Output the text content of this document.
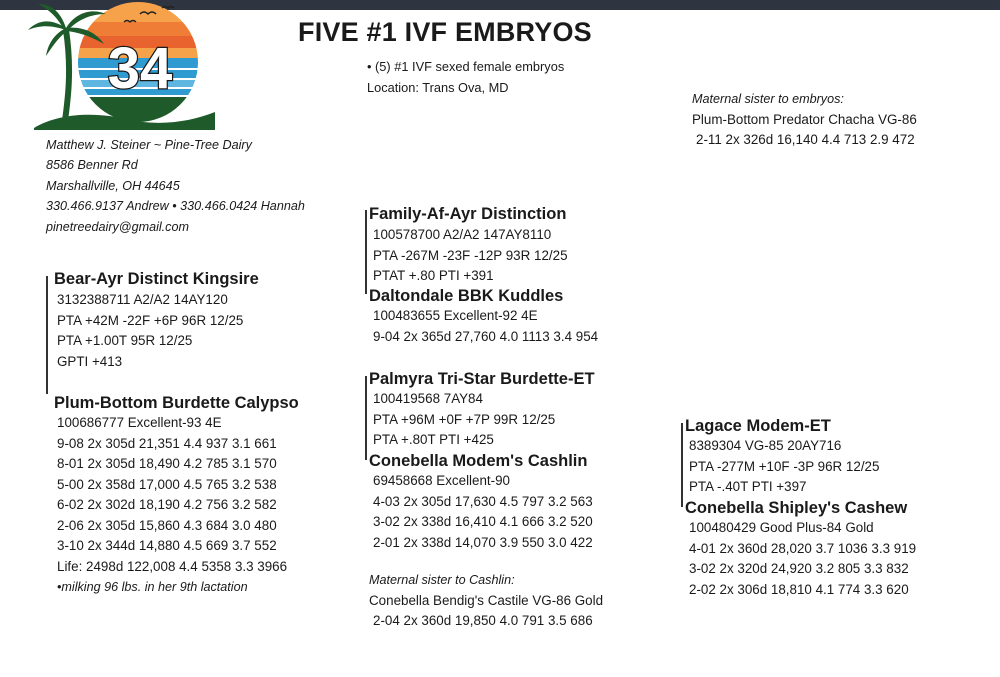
34
FIVE #1 IVF EMBRYOS
• (5) #1 IVF sexed female embryos
Location: Trans Ova, MD
Matthew J. Steiner ~ Pine-Tree Dairy
8586 Benner Rd
Marshallville, OH 44645
330.466.9137 Andrew • 330.466.0424 Hannah
pinetreedairy@gmail.com
Maternal sister to embryos:
Plum-Bottom Predator Chacha VG-86
2-11 2x 326d 16,140 4.4 713 2.9 472
Bear-Ayr Distinct Kingsire
3132388711 A2/A2 14AY120
PTA +42M -22F +6P 96R 12/25
PTA +1.00T 95R 12/25
GPTI +413
Plum-Bottom Burdette Calypso
100686777 Excellent-93 4E
9-08 2x 305d 21,351 4.4 937 3.1 661
8-01 2x 305d 18,490 4.2 785 3.1 570
5-00 2x 358d 17,000 4.5 765 3.2 538
6-02 2x 302d 18,190 4.2 756 3.2 582
2-06 2x 305d 15,860 4.3 684 3.0 480
3-10 2x 344d 14,880 4.5 669 3.7 552
Life: 2498d 122,008 4.4 5358 3.3 3966
•milking 96 lbs. in her 9th lactation
Family-Af-Ayr Distinction
100578700 A2/A2 147AY8110
PTA -267M -23F -12P 93R 12/25
PTAT +.80 PTI +391
Daltondale BBK Kuddles
100483655 Excellent-92 4E
9-04 2x 365d 27,760 4.0 1113 3.4 954
Palmyra Tri-Star Burdette-ET
100419568 7AY84
PTA +96M +0F +7P 99R 12/25
PTA +.80T PTI +425
Conebella Modem's Cashlin
69458668 Excellent-90
4-03 2x 305d 17,630 4.5 797 3.2 563
3-02 2x 338d 16,410 4.1 666 3.2 520
2-01 2x 338d 14,070 3.9 550 3.0 422
Maternal sister to Cashlin:
Conebella Bendig's Castile VG-86 Gold
2-04 2x 360d 19,850 4.0 791 3.5 686
Lagace Modem-ET
8389304 VG-85 20AY716
PTA -277M +10F -3P 96R 12/25
PTA -.40T PTI +397
Conebella Shipley's Cashew
100480429 Good Plus-84 Gold
4-01 2x 360d 28,020 3.7 1036 3.3 919
3-02 2x 320d 24,920 3.2 805 3.3 832
2-02 2x 306d 18,810 4.1 774 3.3 620
